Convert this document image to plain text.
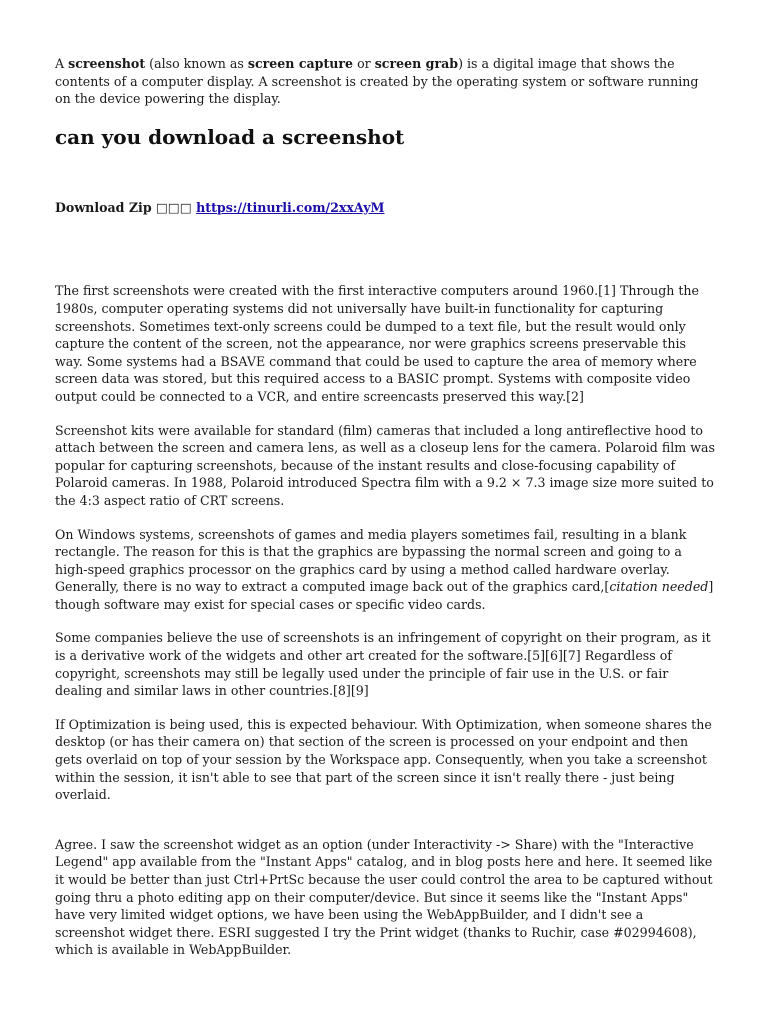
A screenshot (also known as screen capture or screen grab) is a digital image that shows the contents of a computer display. A screenshot is created by the operating system or software running on the device powering the display.

can you download a screenshot

Download Zip □□□ https://tinurli.com/2xxAyM

The first screenshots were created with the first interactive computers around 1960.[1] Through the 1980s, computer operating systems did not universally have built-in functionality for capturing screenshots. Sometimes text-only screens could be dumped to a text file, but the result would only capture the content of the screen, not the appearance, nor were graphics screens preservable this way. Some systems had a BSAVE command that could be used to capture the area of memory where screen data was stored, but this required access to a BASIC prompt. Systems with composite video output could be connected to a VCR, and entire screencasts preserved this way.[2]

Screenshot kits were available for standard (film) cameras that included a long antireflective hood to attach between the screen and camera lens, as well as a closeup lens for the camera. Polaroid film was popular for capturing screenshots, because of the instant results and close-focusing capability of Polaroid cameras. In 1988, Polaroid introduced Spectra film with a 9.2 × 7.3 image size more suited to the 4:3 aspect ratio of CRT screens.

On Windows systems, screenshots of games and media players sometimes fail, resulting in a blank rectangle. The reason for this is that the graphics are bypassing the normal screen and going to a high-speed graphics processor on the graphics card by using a method called hardware overlay. Generally, there is no way to extract a computed image back out of the graphics card,[citation needed] though software may exist for special cases or specific video cards.

Some companies believe the use of screenshots is an infringement of copyright on their program, as it is a derivative work of the widgets and other art created for the software.[5][6][7] Regardless of copyright, screenshots may still be legally used under the principle of fair use in the U.S. or fair dealing and similar laws in other countries.[8][9]

If Optimization is being used, this is expected behaviour. With Optimization, when someone shares the desktop (or has their camera on) that section of the screen is processed on your endpoint and then gets overlaid on top of your session by the Workspace app. Consequently, when you take a screenshot within the session, it isn't able to see that part of the screen since it isn't really there - just being overlaid.

Agree. I saw the screenshot widget as an option (under Interactivity -> Share) with the "Interactive Legend" app available from the "Instant Apps" catalog, and in blog posts here and here. It seemed like it would be better than just Ctrl+PrtSc because the user could control the area to be captured without going thru a photo editing app on their computer/device. But since it seems like the "Instant Apps" have very limited widget options, we have been using the WebAppBuilder, and I didn't see a screenshot widget there. ESRI suggested I try the Print widget (thanks to Ruchir, case #02994608), which is available in WebAppBuilder.
